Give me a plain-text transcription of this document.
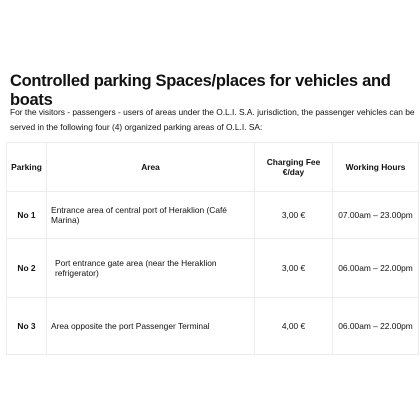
Controlled parking Spaces/places for vehicles and boats

For the visitors - passengers - users of areas under the O.L.I. S.A. jurisdiction, the passenger vehicles can be served in the following four (4) organized parking areas of O.L.I. SA:

Parking	Area	Charging Fee €/day	Working Hours
No 1	Entrance area of central port of Heraklion (Café Marina)	3,00 €	07.00am – 23.00pm
No 2	Port entrance gate area (near the Heraklion refrigerator)	3,00 €	06.00am – 22.00pm
No 3	Area opposite the port Passenger Terminal	4,00 €	06.00am – 22.00pm
